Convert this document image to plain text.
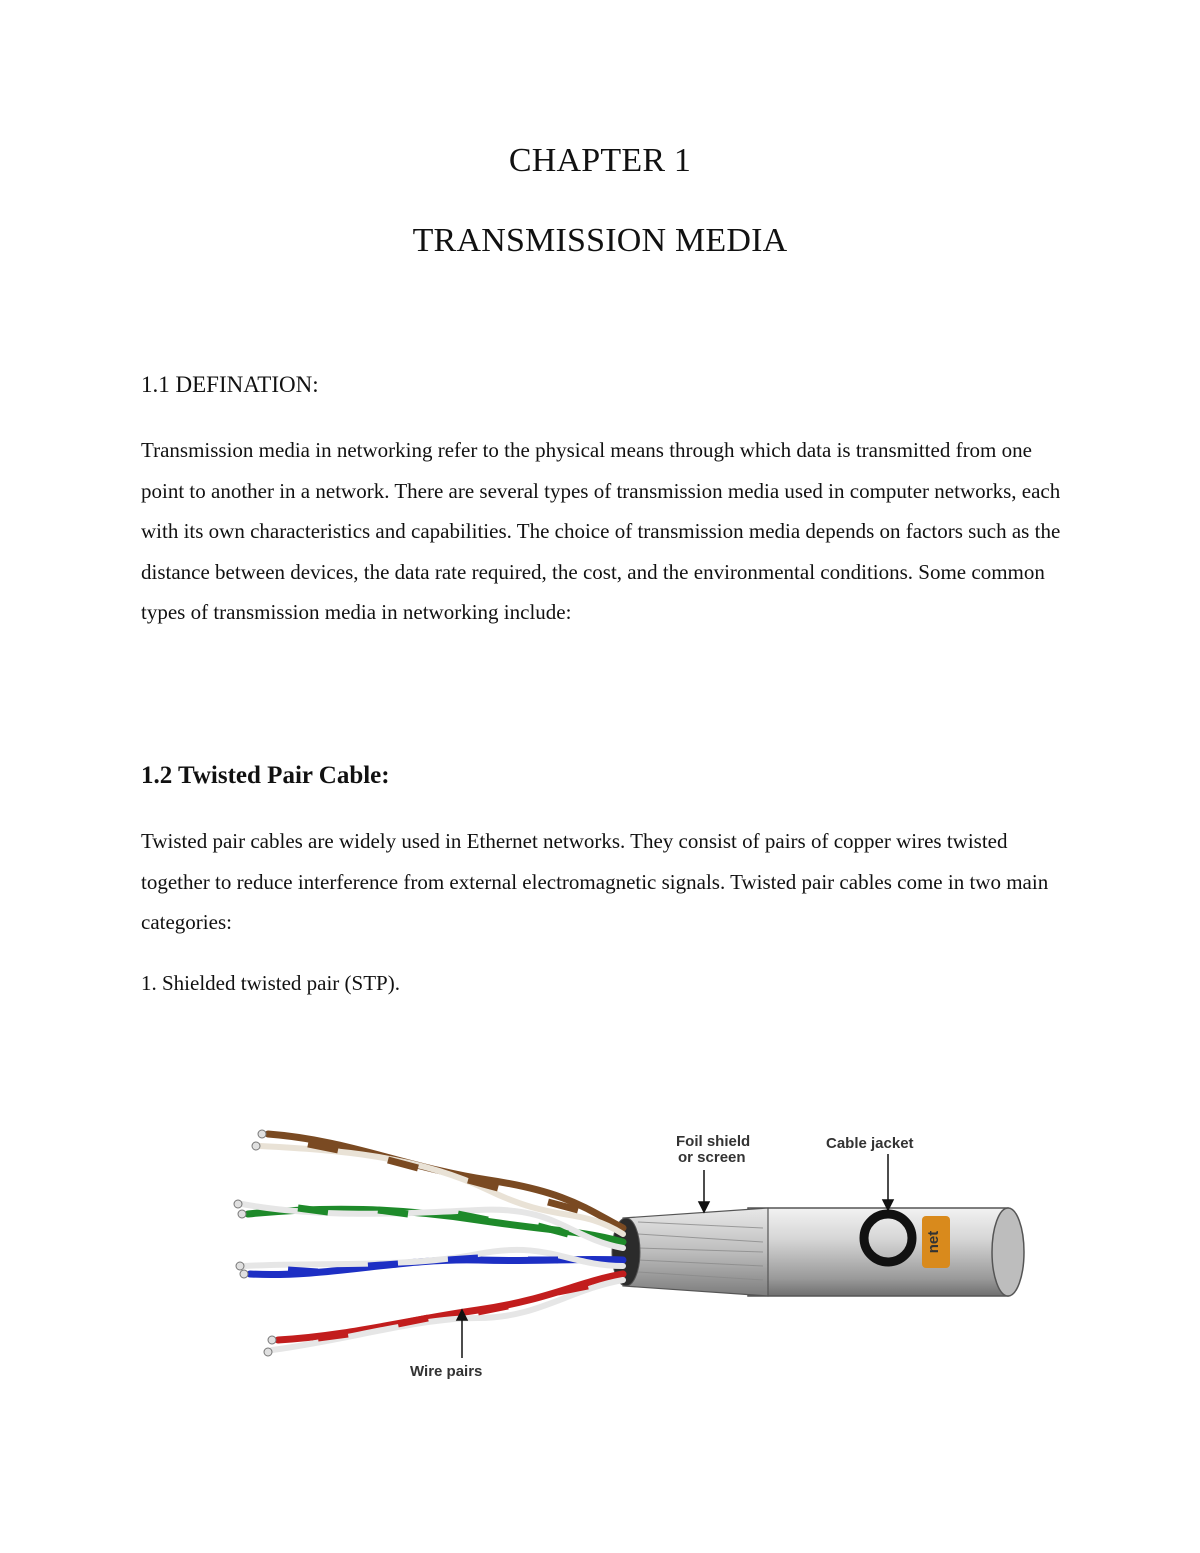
CHAPTER 1
TRANSMISSION MEDIA
1.1 DEFINATION:
Transmission media in networking refer to the physical means through which data is transmitted from one point to another in a network. There are several types of transmission media used in computer networks, each with its own characteristics and capabilities. The choice of transmission media depends on factors such as the distance between devices, the data rate required, the cost, and the environmental conditions. Some common types of transmission media in networking include:
1.2 Twisted Pair Cable:
Twisted pair cables are widely used in Ethernet networks. They consist of pairs of copper wires twisted together to reduce interference from external electromagnetic signals. Twisted pair cables come in two main categories:
1. Shielded twisted pair (STP).
net
Foil shield
or screen
Cable jacket
Wire pairs
